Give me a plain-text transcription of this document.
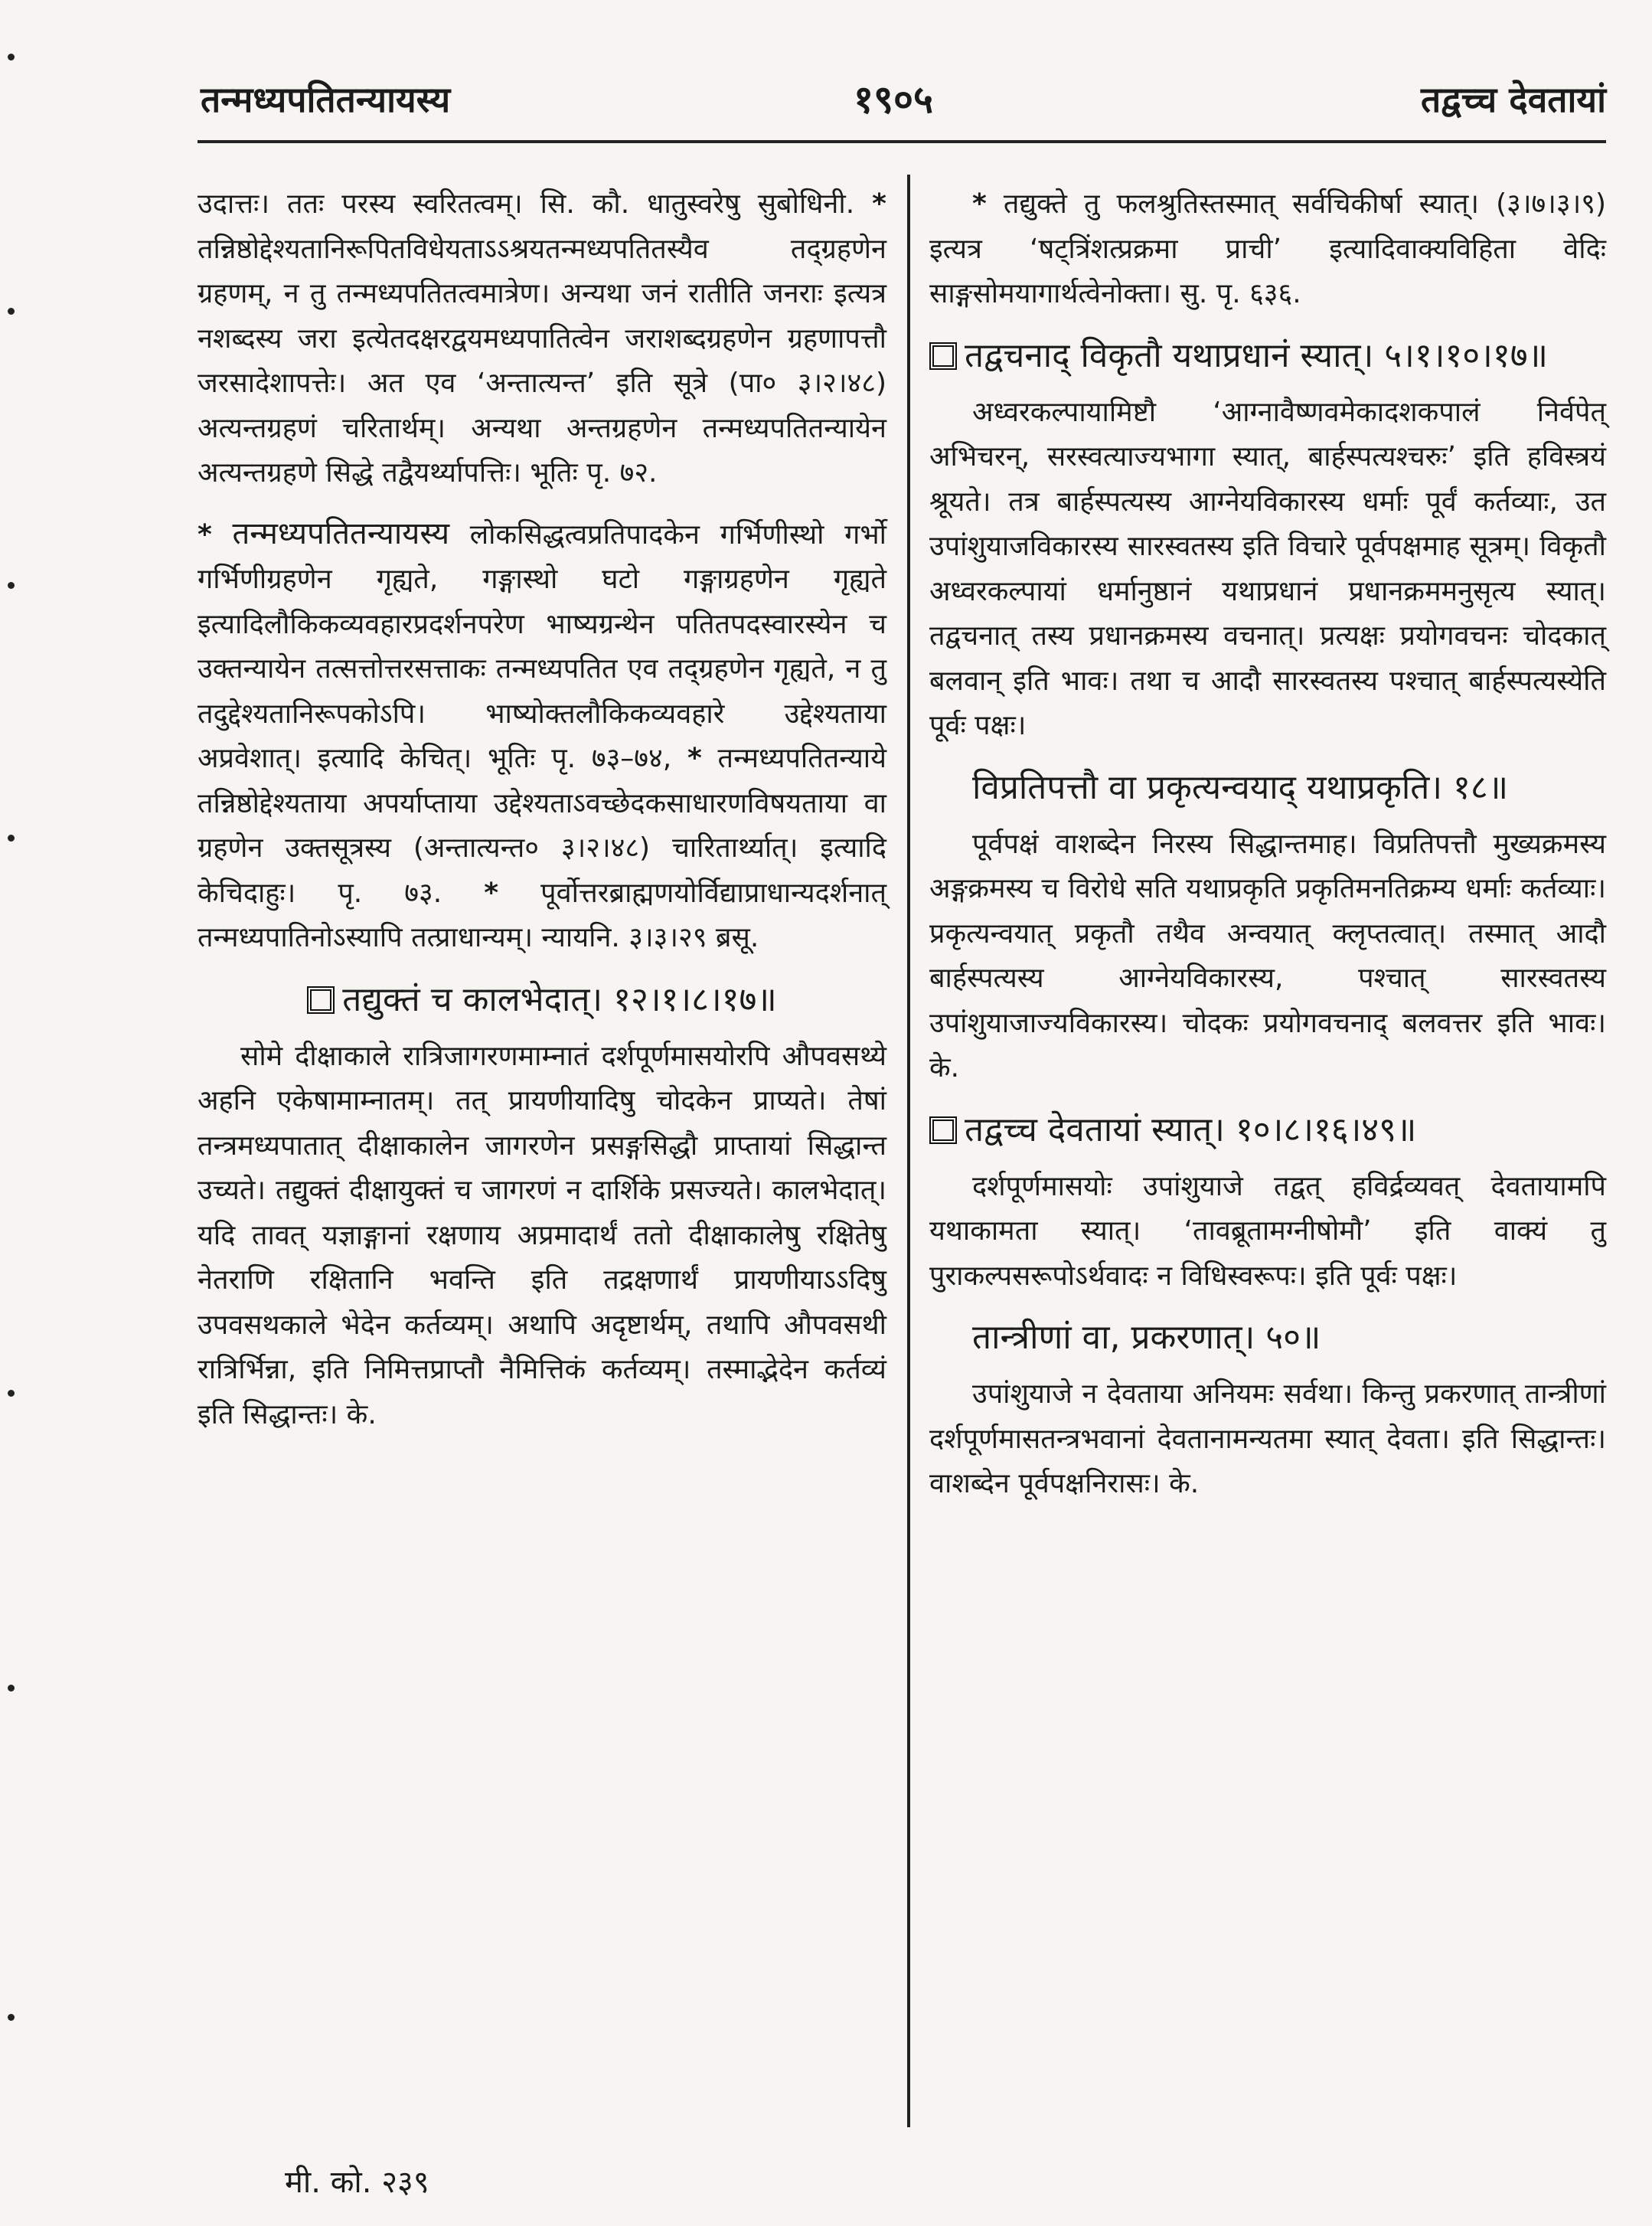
तन्मध्यपतितन्यायस्य	१९०५	तद्वच्च देवतायां

उदात्तः। ततः परस्य स्वरितत्वम्। सि. कौ. धातुस्वरेषु सुबोधिनी. * तन्निष्ठोद्देश्यतानिरूपितविधेयताऽऽश्रयतन्मध्यपतितस्यैव तद्ग्रहणेन ग्रहणम्, न तु तन्मध्यपतितत्वमात्रेण। अन्यथा जनं रातीति जनराः इत्यत्र नशब्दस्य जरा इत्येतदक्षरद्वयमध्यपातित्वेन जराशब्दग्रहणेन ग्रहणापत्तौ जरसादेशापत्तेः। अत एव ‘अन्तात्यन्त’ इति सूत्रे (पा० ३।२।४८) अत्यन्तग्रहणं चरितार्थम्। अन्यथा अन्तग्रहणेन तन्मध्यपतितन्यायेन अत्यन्तग्रहणे सिद्धे तद्वैयर्थ्यापत्तिः। भूतिः पृ. ७२.

* तन्मध्यपतितन्यायस्य लोकसिद्धत्वप्रतिपादकेन गर्भिणीस्थो गर्भो गर्भिणीग्रहणेन गृह्यते, गङ्गास्थो घटो गङ्गाग्रहणेन गृह्यते इत्यादिलौकिकव्यवहारप्रदर्शनपरेण भाष्यग्रन्थेन पतितपदस्वारस्येन च उक्तन्यायेन तत्सत्तोत्तरसत्ताकः तन्मध्यपतित एव तद्ग्रहणेन गृह्यते, न तु तदुद्देश्यतानिरूपकोऽपि। भाष्योक्तलौकिकव्यवहारे उद्देश्यताया अप्रवेशात्। इत्यादि केचित्। भूतिः पृ. ७३–७४, * तन्मध्यपतितन्याये तन्निष्ठोद्देश्यताया अपर्याप्ताया उद्देश्यताऽवच्छेदकसाधारणविषयताया वा ग्रहणेन उक्तसूत्रस्य (अन्तात्यन्त० ३।२।४८) चारितार्थ्यात्। इत्यादि केचिदाहुः। पृ. ७३. * पूर्वोत्तरब्राह्मणयोर्विद्याप्राधान्यदर्शनात् तन्मध्यपातिनोऽस्यापि तत्प्राधान्यम्। न्यायनि. ३।३।२९ ब्रसू.

तद्युक्तं च कालभेदात्। १२।१।८।१७॥

सोमे दीक्षाकाले रात्रिजागरणमाम्नातं दर्शपूर्णमासयोरपि औपवसथ्ये अहनि एकेषामाम्नातम्। तत् प्रायणीयादिषु चोदकेन प्राप्यते। तेषां तन्त्रमध्यपातात् दीक्षाकालेन जागरणेन प्रसङ्गसिद्धौ प्राप्तायां सिद्धान्त उच्यते। तद्युक्तं दीक्षायुक्तं च जागरणं न दार्शिके प्रसज्यते। कालभेदात्। यदि तावत् यज्ञाङ्गानां रक्षणाय अप्रमादार्थं ततो दीक्षाकालेषु रक्षितेषु नेतराणि रक्षितानि भवन्ति इति तद्रक्षणार्थं प्रायणीयाऽऽदिषु उपवसथकाले भेदेन कर्तव्यम्। अथापि अदृष्टार्थम्, तथापि औपवसथी रात्रिर्भिन्ना, इति निमित्तप्राप्तौ नैमित्तिकं कर्तव्यम्। तस्माद्भेदेन कर्तव्यं इति सिद्धान्तः। के.

* तद्युक्ते तु फलश्रुतिस्तस्मात् सर्वचिकीर्षा स्यात्। (३।७।३।९) इत्यत्र ‘षट्त्रिंशत्प्रक्रमा प्राची’ इत्यादिवाक्यविहिता वेदिः साङ्गसोमयागार्थत्वेनोक्ता। सु. पृ. ६३६.

तद्वचनाद् विकृतौ यथाप्रधानं स्यात्। ५।१।१०।१७॥

अध्वरकल्पायामिष्टौ ‘आग्नावैष्णवमेकादशकपालं निर्वपेत् अभिचरन्, सरस्वत्याज्यभागा स्यात्, बार्हस्पत्यश्चरुः’ इति हविस्त्रयं श्रूयते। तत्र बार्हस्पत्यस्य आग्नेयविकारस्य धर्माः पूर्वं कर्तव्याः, उत उपांशुयाजविकारस्य सारस्वतस्य इति विचारे पूर्वपक्षमाह सूत्रम्। विकृतौ अध्वरकल्पायां धर्मानुष्ठानं यथाप्रधानं प्रधानक्रममनुसृत्य स्यात्। तद्वचनात् तस्य प्रधानक्रमस्य वचनात्। प्रत्यक्षः प्रयोगवचनः चोदकात् बलवान् इति भावः। तथा च आदौ सारस्वतस्य पश्चात् बार्हस्पत्यस्येति पूर्वः पक्षः।

विप्रतिपत्तौ वा प्रकृत्यन्वयाद् यथाप्रकृति। १८॥

पूर्वपक्षं वाशब्देन निरस्य सिद्धान्तमाह। विप्रतिपत्तौ मुख्यक्रमस्य अङ्गक्रमस्य च विरोधे सति यथाप्रकृति प्रकृतिमनतिक्रम्य धर्माः कर्तव्याः। प्रकृत्यन्वयात् प्रकृतौ तथैव अन्वयात् क्लृप्तत्वात्। तस्मात् आदौ बार्हस्पत्यस्य आग्नेयविकारस्य, पश्चात् सारस्वतस्य उपांशुयाजाज्यविकारस्य। चोदकः प्रयोगवचनाद् बलवत्तर इति भावः। के.

तद्वच्च देवतायां स्यात्। १०।८।१६।४९॥

दर्शपूर्णमासयोः उपांशुयाजे तद्वत् हविर्द्रव्यवत् देवतायामपि यथाकामता स्यात्। ‘तावब्रूतामग्नीषोमौ’ इति वाक्यं तु पुराकल्पसरूपोऽर्थवादः न विधिस्वरूपः। इति पूर्वः पक्षः।

तान्त्रीणां वा, प्रकरणात्। ५०॥

उपांशुयाजे न देवताया अनियमः सर्वथा। किन्तु प्रकरणात् तान्त्रीणां दर्शपूर्णमासतन्त्रभवानां देवतानामन्यतमा स्यात् देवता। इति सिद्धान्तः। वाशब्देन पूर्वपक्षनिरासः। के.

मी. को. २३९
